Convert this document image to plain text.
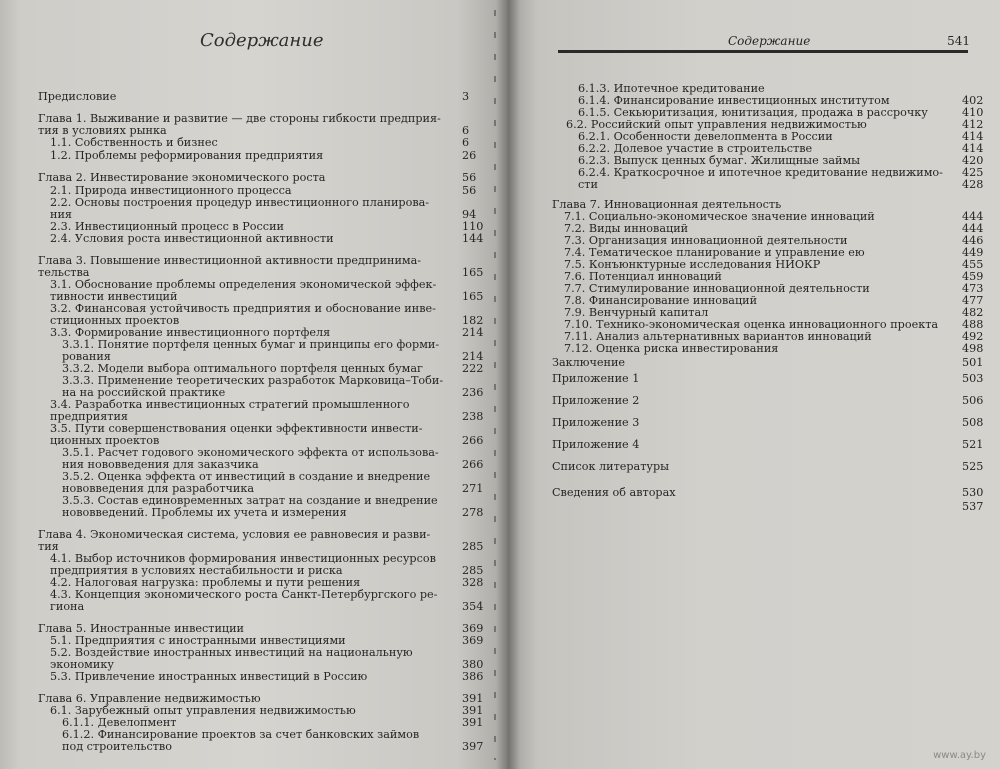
Содержание
Предисловие	3
Глава 1. Выживание и развитие — две стороны гибкости предприя-
тия в условиях рынка	6
1.1. Собственность и бизнес	6
1.2. Проблемы реформирования предприятия	26
Глава 2. Инвестирование экономического роста	56
2.1. Природа инвестиционного процесса	56
2.2. Основы построения процедур инвестиционного планирова-
ния	94
2.3. Инвестиционный процесс в России	110
2.4. Условия роста инвестиционной активности	144
Глава 3. Повышение инвестиционной активности предпринима-
тельства	165
3.1. Обоснование проблемы определения экономической эффек-
тивности инвестиций	165
3.2. Финансовая устойчивость предприятия и обоснование инве-
стиционных проектов	182
3.3. Формирование инвестиционного портфеля	214
3.3.1. Понятие портфеля ценных бумаг и принципы его форми-
рования	214
3.3.2. Модели выбора оптимального портфеля ценных бумаг	222
3.3.3. Применение теоретических разработок Марковица–Тоби-
на на российской практике	236
3.4. Разработка инвестиционных стратегий промышленного
предприятия	238
3.5. Пути совершенствования оценки эффективности инвести-
ционных проектов	266
3.5.1. Расчет годового экономического эффекта от использова-
ния нововведения для заказчика	266
3.5.2. Оценка эффекта от инвестиций в создание и внедрение
нововведения для разработчика	271
3.5.3. Состав единовременных затрат на создание и внедрение
нововведений. Проблемы их учета и измерения	278
Глава 4. Экономическая система, условия ее равновесия и разви-
тия	285
4.1. Выбор источников формирования инвестиционных ресурсов
предприятия в условиях нестабильности и риска	285
4.2. Налоговая нагрузка: проблемы и пути решения	328
4.3. Концепция экономического роста Санкт-Петербургского ре-
гиона	354
Глава 5. Иностранные инвестиции	369
5.1. Предприятия с иностранными инвестициями	369
5.2. Воздействие иностранных инвестиций на национальную
экономику	380
5.3. Привлечение иностранных инвестиций в Россию	386
Глава 6. Управление недвижимостью	391
6.1. Зарубежный опыт управления недвижимостью	391
6.1.1. Девелопмент	391
6.1.2. Финансирование проектов за счет банковских займов
под строительство	397
Содержание	541
6.1.3. Ипотечное кредитование
6.1.4. Финансирование инвестиционных институтом	402
6.1.5. Секьюритизация, юнитизация, продажа в рассрочку	410
6.2. Российский опыт управления недвижимостью	412
6.2.1. Особенности девелопмента в России	414
6.2.2. Долевое участие в строительстве	414
6.2.3. Выпуск ценных бумаг. Жилищные займы	420
6.2.4. Краткосрочное и ипотечное кредитование недвижимо- 425
сти	428
Глава 7. Инновационная деятельность
7.1. Социально-экономическое значение инноваций	444
7.2. Виды инноваций	444
7.3. Организация инновационной деятельности	446
7.4. Тематическое планирование и управление ею	449
7.5. Конъюнктурные исследования НИОКР	455
7.6. Потенциал инноваций	459
7.7. Стимулирование инновационной деятельности	473
7.8. Финансирование инноваций	477
7.9. Венчурный капитал	482
7.10. Технико-экономическая оценка инновационного проекта 488
7.11. Анализ альтернативных вариантов инноваций	492
7.12. Оценка риска инвестирования	498
Заключение	501
Приложение 1	503
Приложение 2	506
Приложение 3	508
Приложение 4	521
Список литературы	525
Сведения об авторах	530
537
www.ay.by
